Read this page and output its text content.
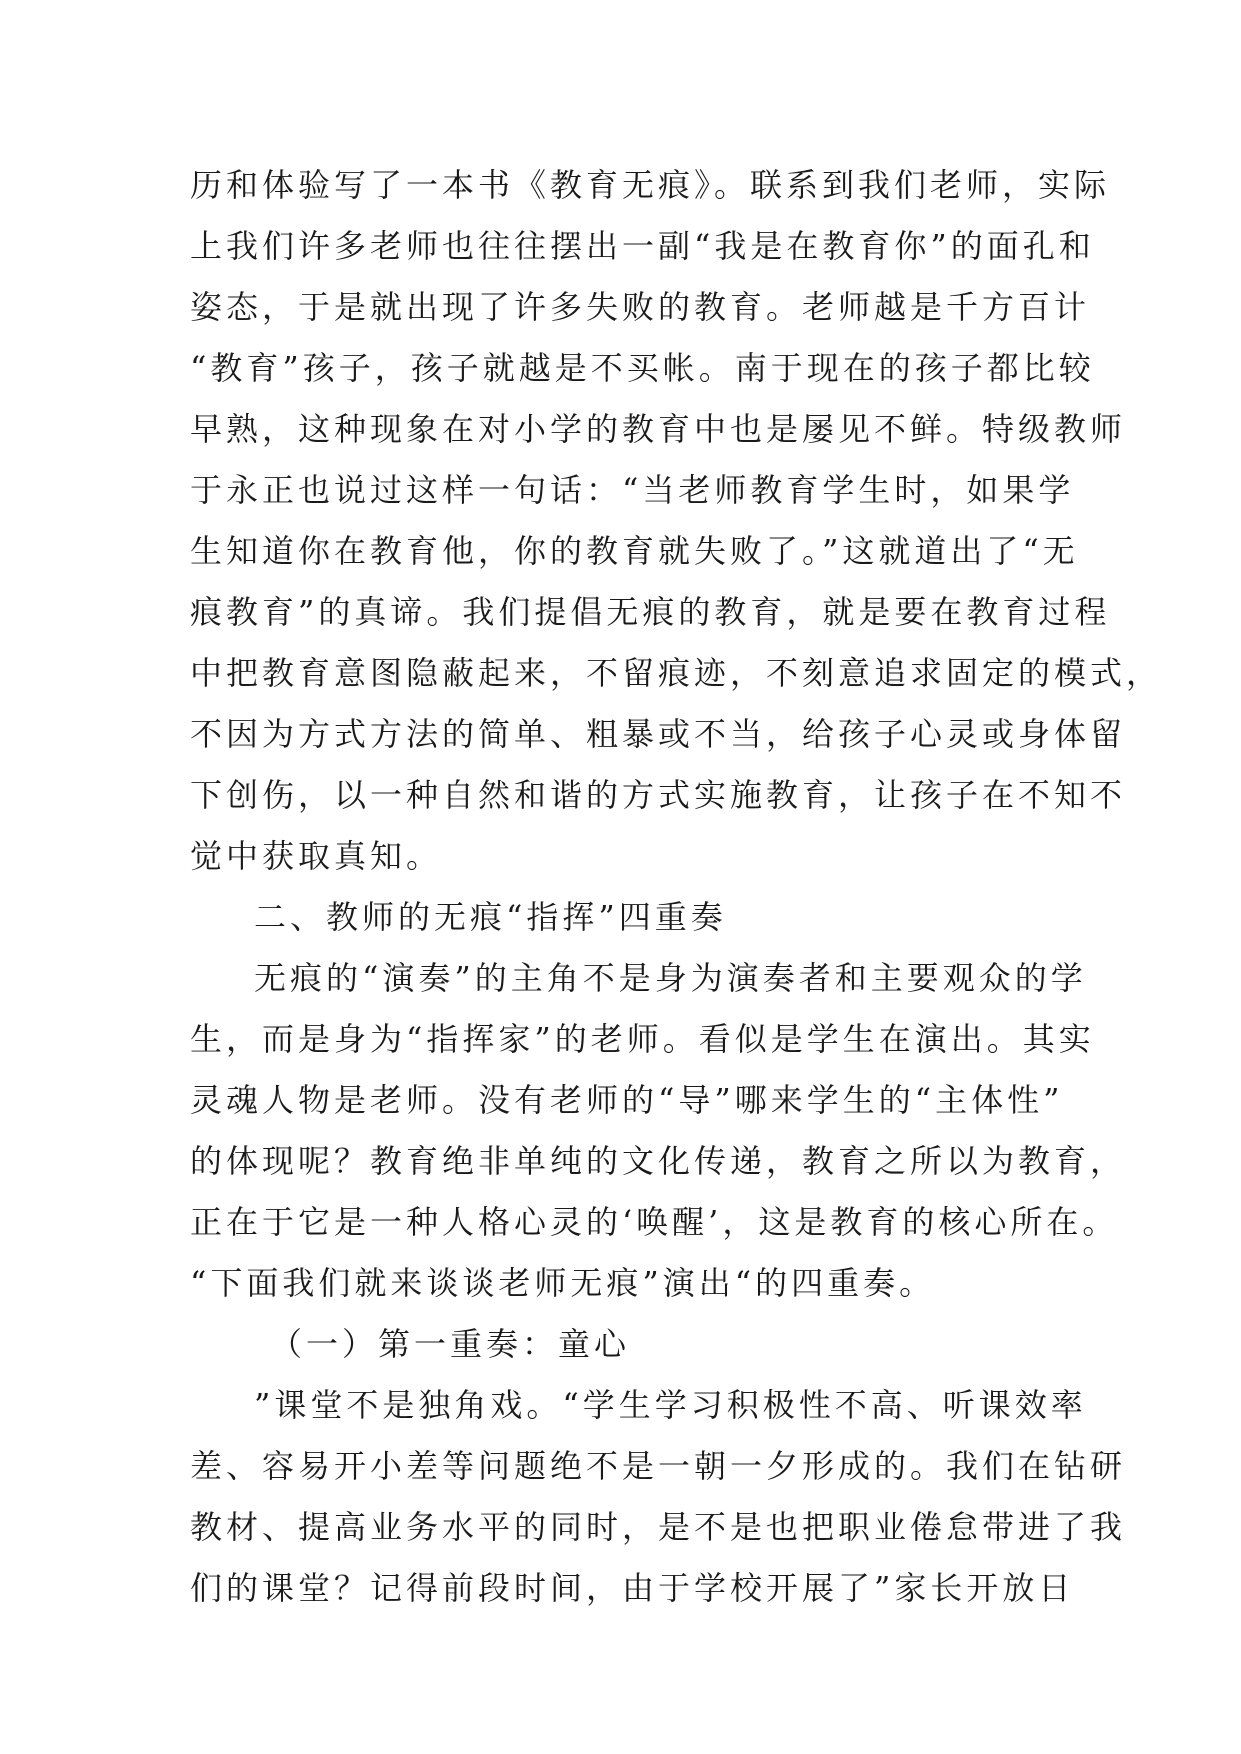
历和体验写了一本书《教育无痕》。联系到我们老师，实际
上我们许多老师也往往摆出一副“我是在教育你”的面孔和
姿态，于是就出现了许多失败的教育。老师越是千方百计
“教育”孩子，孩子就越是不买帐。南于现在的孩子都比较
早熟，这种现象在对小学的教育中也是屡见不鲜。特级教师
于永正也说过这样一句话：“当老师教育学生时，如果学
生知道你在教育他，你的教育就失败了。”这就道出了“无
痕教育”的真谛。我们提倡无痕的教育，就是要在教育过程
中把教育意图隐蔽起来，不留痕迹，不刻意追求固定的模式，
不因为方式方法的简单、粗暴或不当，给孩子心灵或身体留
下创伤，以一种自然和谐的方式实施教育，让孩子在不知不
觉中获取真知。
二、教师的无痕“指挥”四重奏
无痕的“演奏”的主角不是身为演奏者和主要观众的学
生，而是身为“指挥家”的老师。看似是学生在演出。其实
灵魂人物是老师。没有老师的“导”哪来学生的“主体性”
的体现呢？教育绝非单纯的文化传递，教育之所以为教育，
正在于它是一种人格心灵的‘唤醒’，这是教育的核心所在。
“下面我们就来谈谈老师无痕”演出“的四重奏。
（一）第一重奏：童心
”课堂不是独角戏。“学生学习积极性不高、听课效率
差、容易开小差等问题绝不是一朝一夕形成的。我们在钻研
教材、提高业务水平的同时，是不是也把职业倦怠带进了我
们的课堂？记得前段时间，由于学校开展了”家长开放日
